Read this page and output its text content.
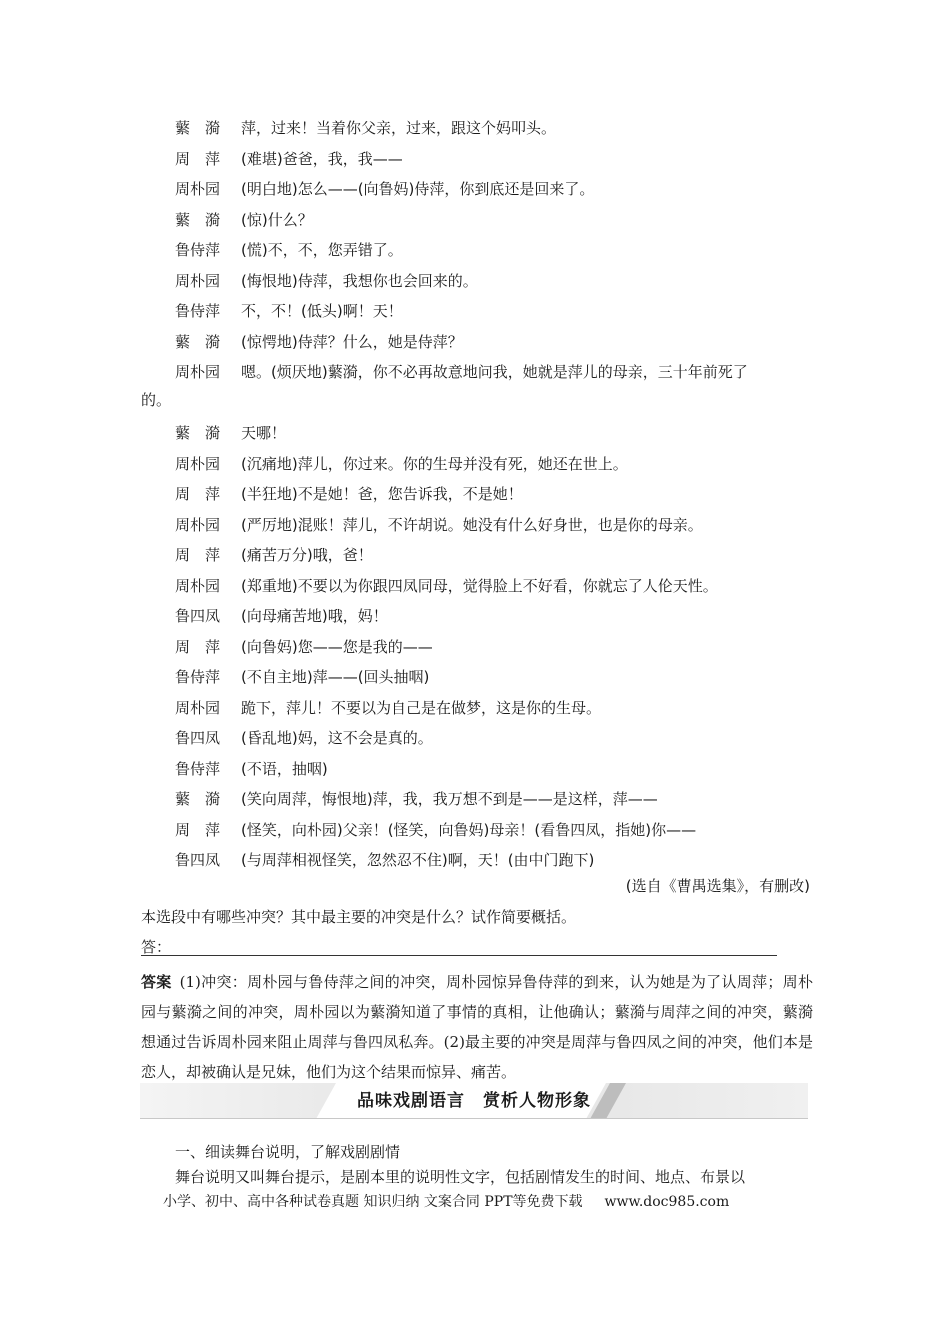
蘩　漪 萍，过来！当着你父亲，过来，跟这个妈叩头。
周　萍 (难堪)爸爸，我，我——
周朴园 (明白地)怎么——(向鲁妈)侍萍，你到底还是回来了。
蘩　漪 (惊)什么？
鲁侍萍 (慌)不，不，您弄错了。
周朴园 (悔恨地)侍萍，我想你也会回来的。
鲁侍萍 不，不！(低头)啊！天！
蘩　漪 (惊愕地)侍萍？什么，她是侍萍？
周朴园 嗯。(烦厌地)蘩漪，你不必再故意地问我，她就是萍儿的母亲，三十年前死了
蘩　漪 天哪！
周朴园 (沉痛地)萍儿，你过来。你的生母并没有死，她还在世上。
周　萍 (半狂地)不是她！爸，您告诉我，不是她！
周朴园 (严厉地)混账！萍儿，不许胡说。她没有什么好身世，也是你的母亲。
周　萍 (痛苦万分)哦，爸！
周朴园 (郑重地)不要以为你跟四凤同母，觉得脸上不好看，你就忘了人伦天性。
鲁四凤 (向母痛苦地)哦，妈！
周　萍 (向鲁妈)您——您是我的——
鲁侍萍 (不自主地)萍——(回头抽咽)
周朴园 跪下，萍儿！不要以为自己是在做梦，这是你的生母。
鲁四凤 (昏乱地)妈，这不会是真的。
鲁侍萍 (不语，抽咽)
蘩　漪 (笑向周萍，悔恨地)萍，我，我万想不到是——是这样，萍——
周　萍 (怪笑，向朴园)父亲！(怪笑，向鲁妈)母亲！(看鲁四凤，指她)你——
鲁四凤 (与周萍相视怪笑，忽然忍不住)啊，天！(由中门跑下)
的。
(选自《曹禺选集》，有删改)
本选段中有哪些冲突？其中最主要的冲突是什么？试作简要概括。
答：
答案 (1)冲突：周朴园与鲁侍萍之间的冲突，周朴园惊异鲁侍萍的到来，认为她是为了认周萍；周朴园与蘩漪之间的冲突，周朴园以为蘩漪知道了事情的真相，让他确认；蘩漪与周萍之间的冲突，蘩漪想通过告诉周朴园来阻止周萍与鲁四凤私奔。(2)最主要的冲突是周萍与鲁四凤之间的冲突，他们本是恋人，却被确认是兄妹，他们为这个结果而惊异、痛苦。
品味戏剧语言　赏析人物形象
一、细读舞台说明，了解戏剧剧情
舞台说明又叫舞台提示，是剧本里的说明性文字，包括剧情发生的时间、地点、布景以
小学、初中、高中各种试卷真题 知识归纳 文案合同 PPT等免费下载 www.doc985.com
